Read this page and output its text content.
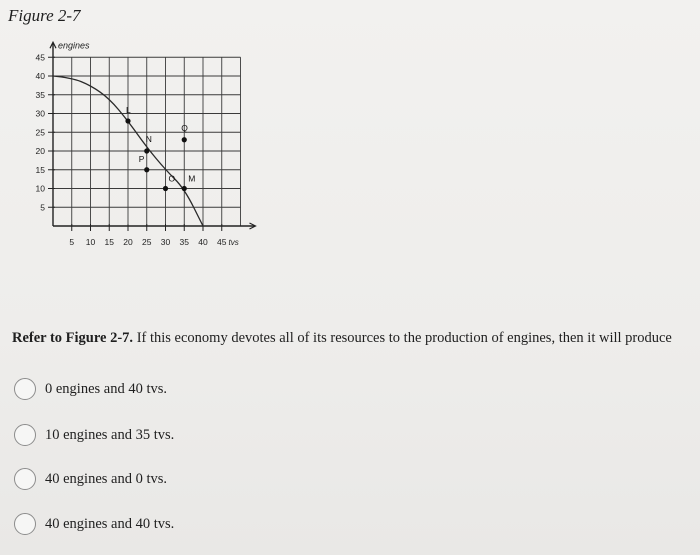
Figure 2-7
5
10
15
20
25
30
35
40
45
5 10 15 20 25 30 35 40 45
L
N
Q
P
O M
engines
tvs
Refer to Figure 2-7. If this economy devotes all of its resources to the production of engines, then it will produce
0 engines and 40 tvs.
10 engines and 35 tvs.
40 engines and 0 tvs.
40 engines and 40 tvs.
